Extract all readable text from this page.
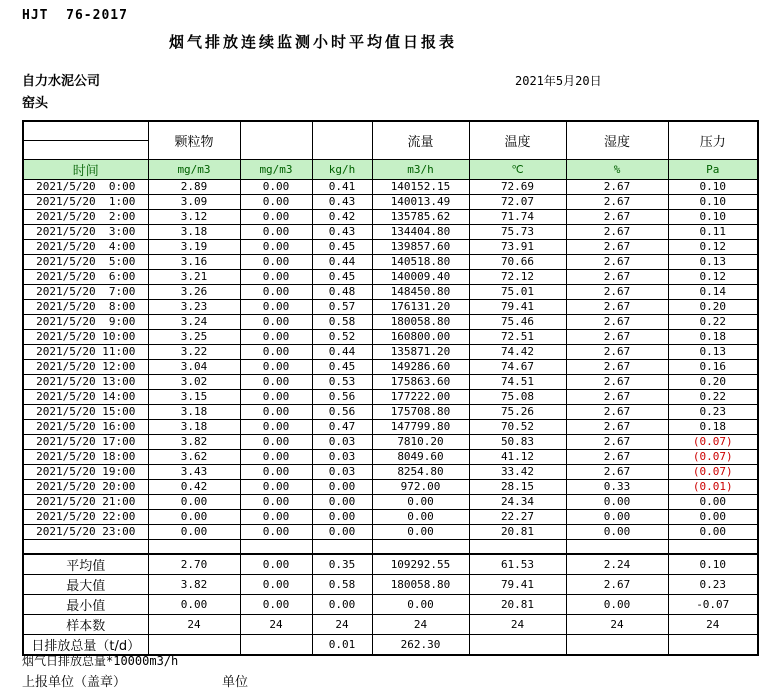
HJT  76-2017
烟气排放连续监测小时平均值日报表
自力水泥公司	2021年5月20日
窑头
	颗粒物			流量	温度	湿度	压力

时间	mg/m3	mg/m3	kg/h	m3/h	℃	%	Pa
2021/5/20  0:00	2.89	0.00	0.41	140152.15	72.69	2.67	0.10
2021/5/20  1:00	3.09	0.00	0.43	140013.49	72.07	2.67	0.10
2021/5/20  2:00	3.12	0.00	0.42	135785.62	71.74	2.67	0.10
2021/5/20  3:00	3.18	0.00	0.43	134404.80	75.73	2.67	0.11
2021/5/20  4:00	3.19	0.00	0.45	139857.60	73.91	2.67	0.12
2021/5/20  5:00	3.16	0.00	0.44	140518.80	70.66	2.67	0.13
2021/5/20  6:00	3.21	0.00	0.45	140009.40	72.12	2.67	0.12
2021/5/20  7:00	3.26	0.00	0.48	148450.80	75.01	2.67	0.14
2021/5/20  8:00	3.23	0.00	0.57	176131.20	79.41	2.67	0.20
2021/5/20  9:00	3.24	0.00	0.58	180058.80	75.46	2.67	0.22
2021/5/20 10:00	3.25	0.00	0.52	160800.00	72.51	2.67	0.18
2021/5/20 11:00	3.22	0.00	0.44	135871.20	74.42	2.67	0.13
2021/5/20 12:00	3.04	0.00	0.45	149286.60	74.67	2.67	0.16
2021/5/20 13:00	3.02	0.00	0.53	175863.60	74.51	2.67	0.20
2021/5/20 14:00	3.15	0.00	0.56	177222.00	75.08	2.67	0.22
2021/5/20 15:00	3.18	0.00	0.56	175708.80	75.26	2.67	0.23
2021/5/20 16:00	3.18	0.00	0.47	147799.80	70.52	2.67	0.18
2021/5/20 17:00	3.82	0.00	0.03	7810.20	50.83	2.67	(0.07)
2021/5/20 18:00	3.62	0.00	0.03	8049.60	41.12	2.67	(0.07)
2021/5/20 19:00	3.43	0.00	0.03	8254.80	33.42	2.67	(0.07)
2021/5/20 20:00	0.42	0.00	0.00	972.00	28.15	0.33	(0.01)
2021/5/20 21:00	0.00	0.00	0.00	0.00	24.34	0.00	0.00
2021/5/20 22:00	0.00	0.00	0.00	0.00	22.27	0.00	0.00
2021/5/20 23:00	0.00	0.00	0.00	0.00	20.81	0.00	0.00

平均值	2.70	0.00	0.35	109292.55	61.53	2.24	0.10
最大值	3.82	0.00	0.58	180058.80	79.41	2.67	0.23
最小值	0.00	0.00	0.00	0.00	20.81	0.00	-0.07
样本数	24	24	24	24	24	24	24
日排放总量（t/d）			0.01	262.30			
烟气日排放总量*10000m3/h
上报单位（盖章）	单位
